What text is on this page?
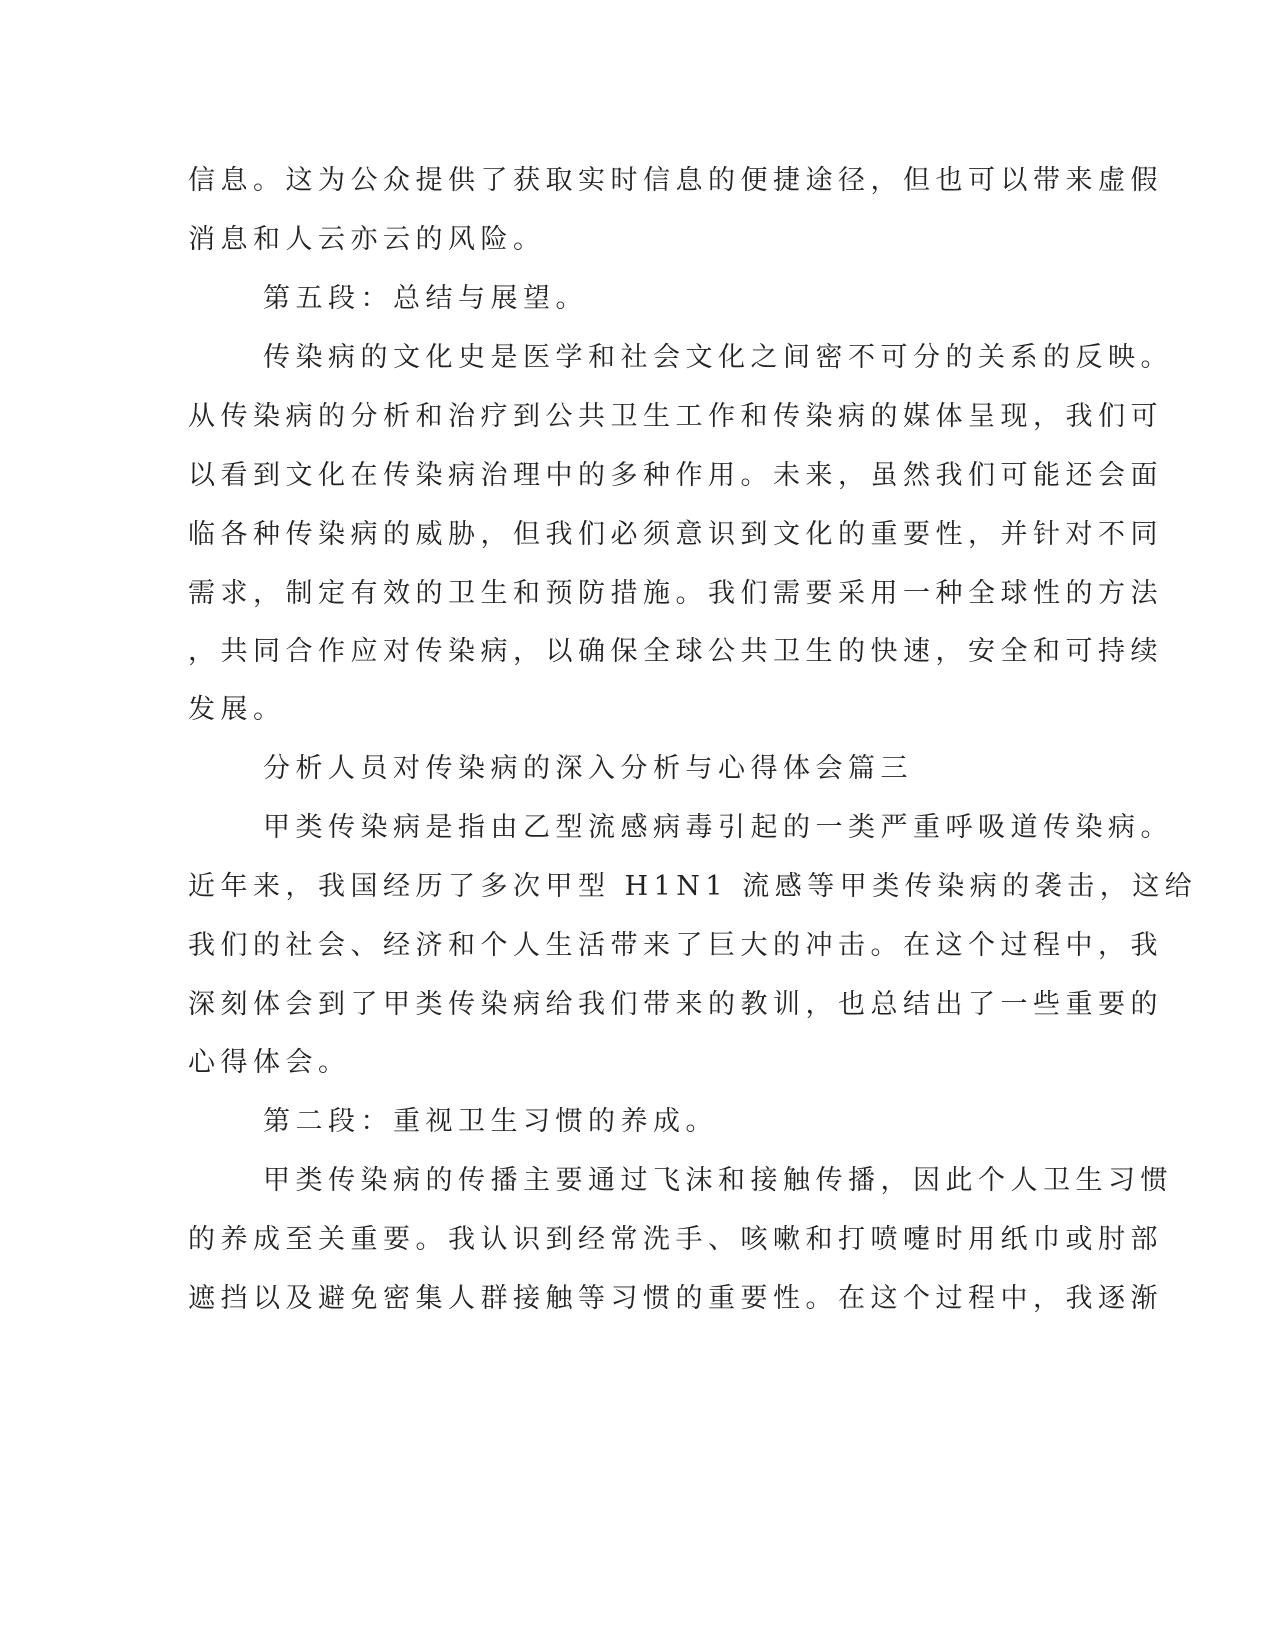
信息。这为公众提供了获取实时信息的便捷途径，但也可以带来虚假
消息和人云亦云的风险。
第五段：总结与展望。
传染病的文化史是医学和社会文化之间密不可分的关系的反映。
从传染病的分析和治疗到公共卫生工作和传染病的媒体呈现，我们可
以看到文化在传染病治理中的多种作用。未来，虽然我们可能还会面
临各种传染病的威胁，但我们必须意识到文化的重要性，并针对不同
需求，制定有效的卫生和预防措施。我们需要采用一种全球性的方法
，共同合作应对传染病，以确保全球公共卫生的快速，安全和可持续
发展。
分析人员对传染病的深入分析与心得体会篇三
甲类传染病是指由乙型流感病毒引起的一类严重呼吸道传染病。
近年来，我国经历了多次甲型 H1N1 流感等甲类传染病的袭击，这给
我们的社会、经济和个人生活带来了巨大的冲击。在这个过程中，我
深刻体会到了甲类传染病给我们带来的教训，也总结出了一些重要的
心得体会。
第二段：重视卫生习惯的养成。
甲类传染病的传播主要通过飞沫和接触传播，因此个人卫生习惯
的养成至关重要。我认识到经常洗手、咳嗽和打喷嚏时用纸巾或肘部
遮挡以及避免密集人群接触等习惯的重要性。在这个过程中，我逐渐
